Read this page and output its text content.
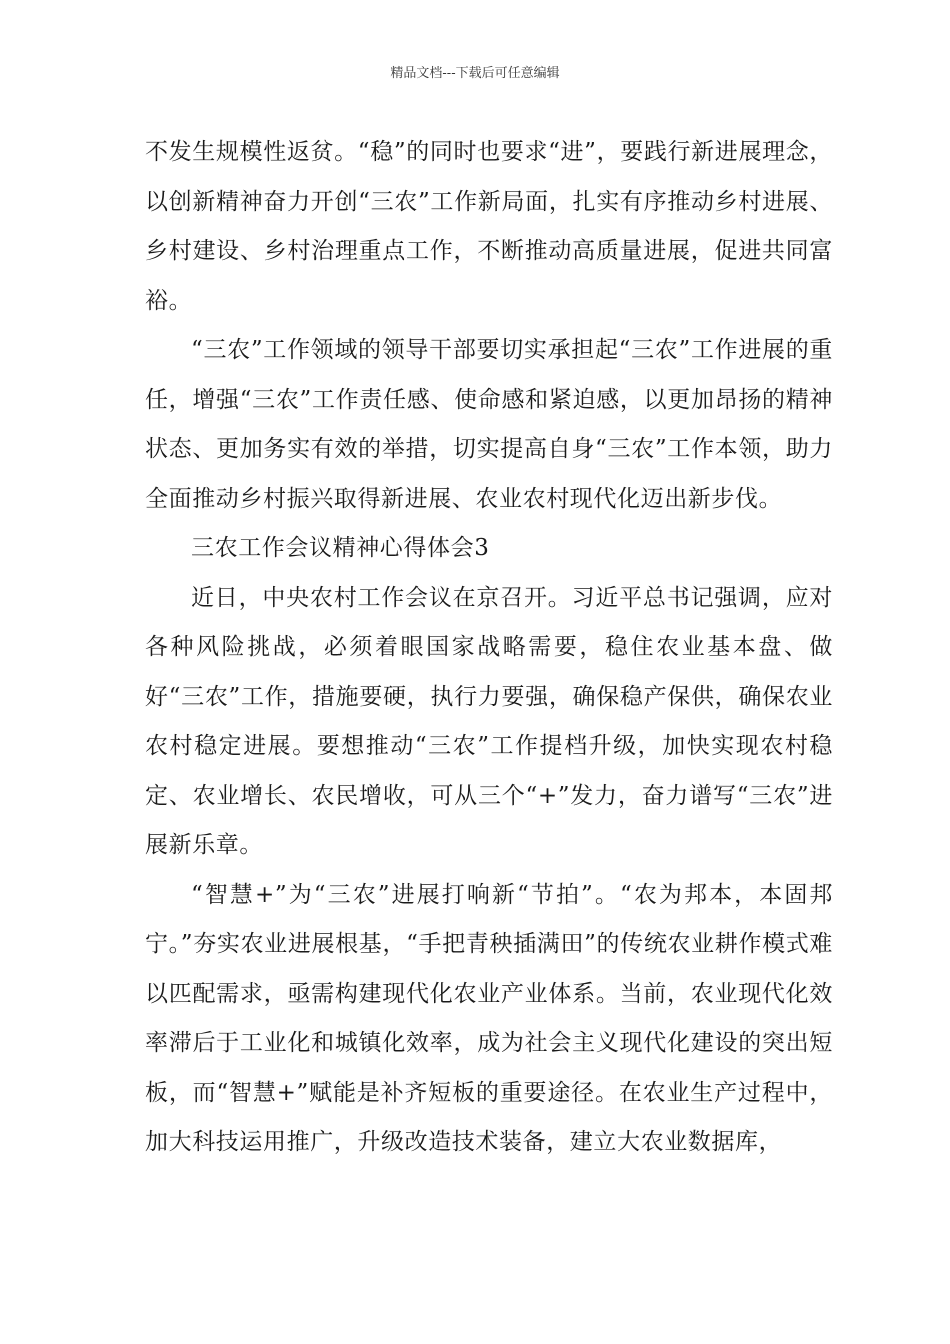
精品文档---下载后可任意编辑

不发生规模性返贫。“稳”的同时也要求“进”，要践行新进展理念，以创新精神奋力开创“三农”工作新局面，扎实有序推动乡村进展、乡村建设、乡村治理重点工作，不断推动高质量进展，促进共同富裕。

“三农”工作领域的领导干部要切实承担起“三农”工作进展的重任，增强“三农”工作责任感、使命感和紧迫感，以更加昂扬的精神状态、更加务实有效的举措，切实提高自身“三农”工作本领，助力全面推动乡村振兴取得新进展、农业农村现代化迈出新步伐。

三农工作会议精神心得体会3

近日，中央农村工作会议在京召开。习近平总书记强调，应对各种风险挑战，必须着眼国家战略需要，稳住农业基本盘、做好“三农”工作，措施要硬，执行力要强，确保稳产保供，确保农业农村稳定进展。要想推动“三农”工作提档升级，加快实现农村稳定、农业增长、农民增收，可从三个“+”发力，奋力谱写“三农”进展新乐章。

“智慧+”为“三农”进展打响新“节拍”。“农为邦本，本固邦宁。”夯实农业进展根基，“手把青秧插满田”的传统农业耕作模式难以匹配需求，亟需构建现代化农业产业体系。当前，农业现代化效率滞后于工业化和城镇化效率，成为社会主义现代化建设的突出短板，而“智慧+”赋能是补齐短板的重要途径。在农业生产过程中，加大科技运用推广，升级改造技术装备，建立大农业数据库，
